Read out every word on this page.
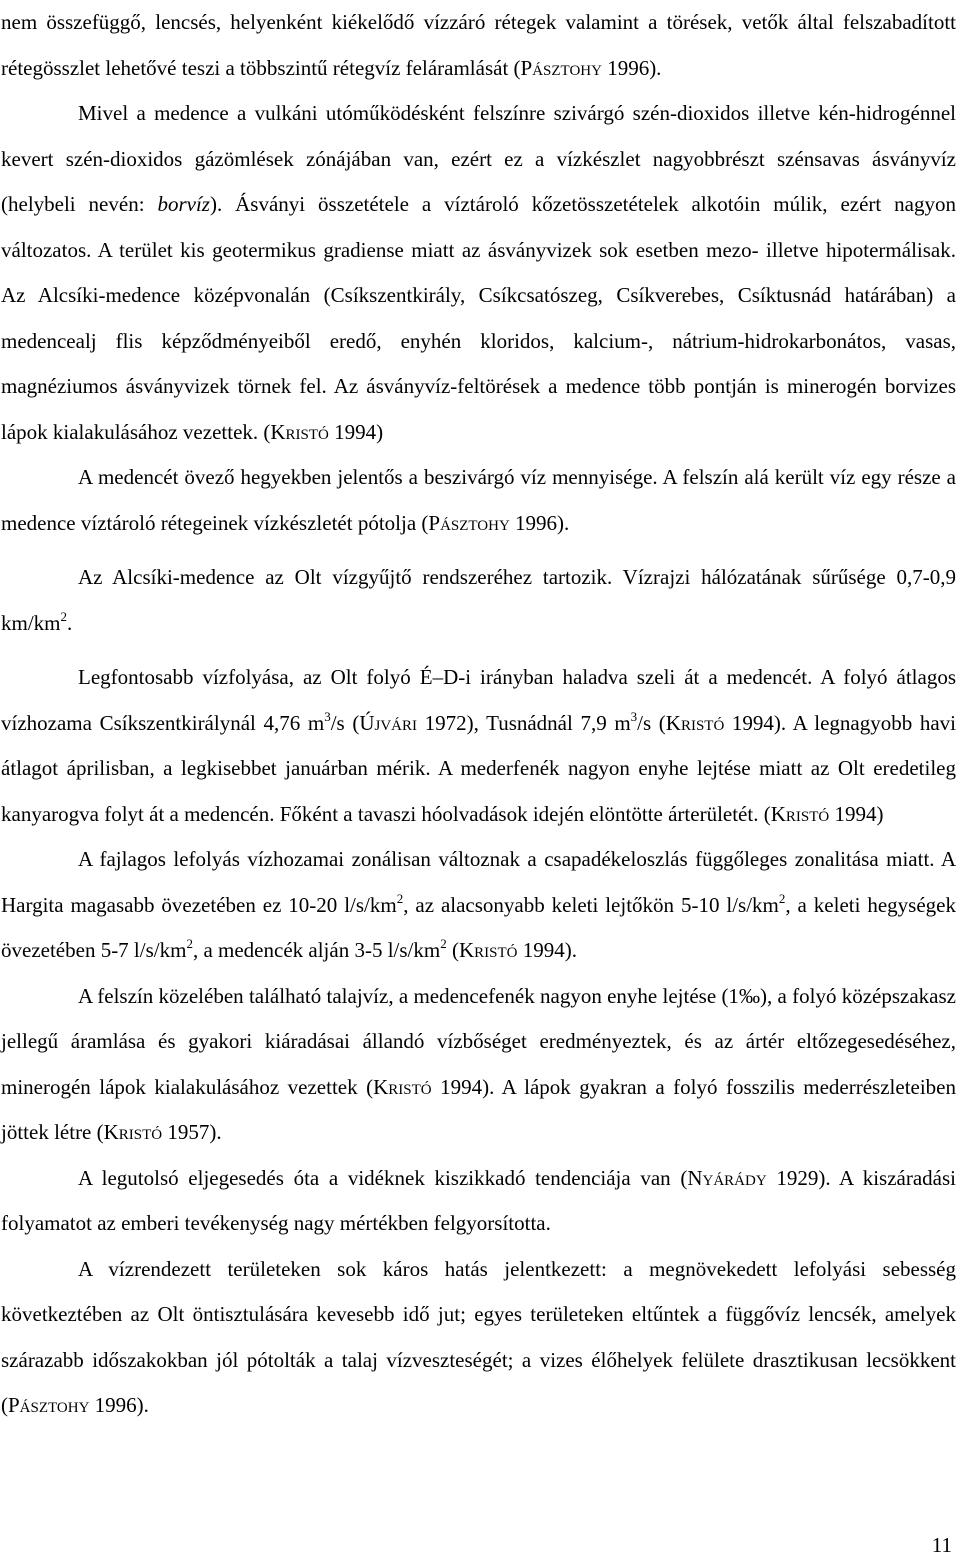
nem összefüggő, lencsés, helyenként kiékelődő vízzáró rétegek valamint a törések, vetők által felszabadított rétegösszlet lehetővé teszi a többszintű rétegvíz feláramlását (Pásztohy 1996).

Mivel a medence a vulkáni utóműködésként felszínre szivárgó szén-dioxidos illetve kén-hidrogénnel kevert szén-dioxidos gázömlések zónájában van, ezért ez a vízkészlet nagyobbrészt szénsavas ásványvíz (helybeli nevén: borvíz). Ásványi összetétele a víztároló kőzetösszetételek alkotóin múlik, ezért nagyon változatos. A terület kis geotermikus gradiense miatt az ásványvizek sok esetben mezo- illetve hipotermálisak. Az Alcsíki-medence középvonalán (Csíkszentkirály, Csíkcsatószeg, Csíkverebes, Csíktusnád határában) a medencealj flis képződményeiből eredő, enyhén kloridos, kalcium-, nátrium-hidrokarbonátos, vasas, magnéziumos ásványvizek törnek fel. Az ásványvíz-feltörések a medence több pontján is minerogén borvizes lápok kialakulásához vezettek. (Kristó 1994)

A medencét övező hegyekben jelentős a beszivárgó víz mennyisége. A felszín alá került víz egy része a medence víztároló rétegeinek vízkészletét pótolja (Pásztohy 1996).

Az Alcsíki-medence az Olt vízgyűjtő rendszeréhez tartozik. Vízrajzi hálózatának sűrűsége 0,7-0,9 $km/km^2$.

Legfontosabb vízfolyása, az Olt folyó É–D-i irányban haladva szeli át a medencét. A folyó átlagos vízhozama Csíkszentkirálynál 4,76 $m^3/s$ (Újvári 1972), Tusnádnál 7,9 $m^3/s$ (Kristó 1994). A legnagyobb havi átlagot áprilisban, a legkisebbet januárban mérik. A mederfenék nagyon enyhe lejtése miatt az Olt eredetileg kanyarogva folyt át a medencén. Főként a tavaszi hóolvadások idején elöntötte árterületét. (Kristó 1994)

A fajlagos lefolyás vízhozamai zonálisan változnak a csapadékeloszlás függőleges zonalitása miatt. A Hargita magasabb övezetében ez 10-20 $l/s/km^2$, az alacsonyabb keleti lejtőkön 5-10 $l/s/km^2$, a keleti hegységek övezetében 5-7 $l/s/km^2$, a medencék alján 3-5 $l/s/km^2$ (Kristó 1994).

A felszín közelében található talajvíz, a medencefenék nagyon enyhe lejtése (1‰), a folyó középszakasz jellegű áramlása és gyakori kiáradásai állandó vízbőséget eredményeztek, és az ártér eltőzegesedéséhez, minerogén lápok kialakulásához vezettek (Kristó 1994). A lápok gyakran a folyó fosszilis mederrészleteiben jöttek létre (Kristó 1957).

A legutolsó eljegesedés óta a vidéknek kiszikkadó tendenciája van (Nyárády 1929). A kiszáradási folyamatot az emberi tevékenység nagy mértékben felgyorsította.

A vízrendezett területeken sok káros hatás jelentkezett: a megnövekedett lefolyási sebesség következtében az Olt öntisztulására kevesebb idő jut; egyes területeken eltűntek a függővíz lencsék, amelyek szárazabb időszakokban jól pótolták a talaj vízveszteségét; a vizes élőhelyek felülete drasztikusan lecsökkent (Pásztohy 1996).

11
